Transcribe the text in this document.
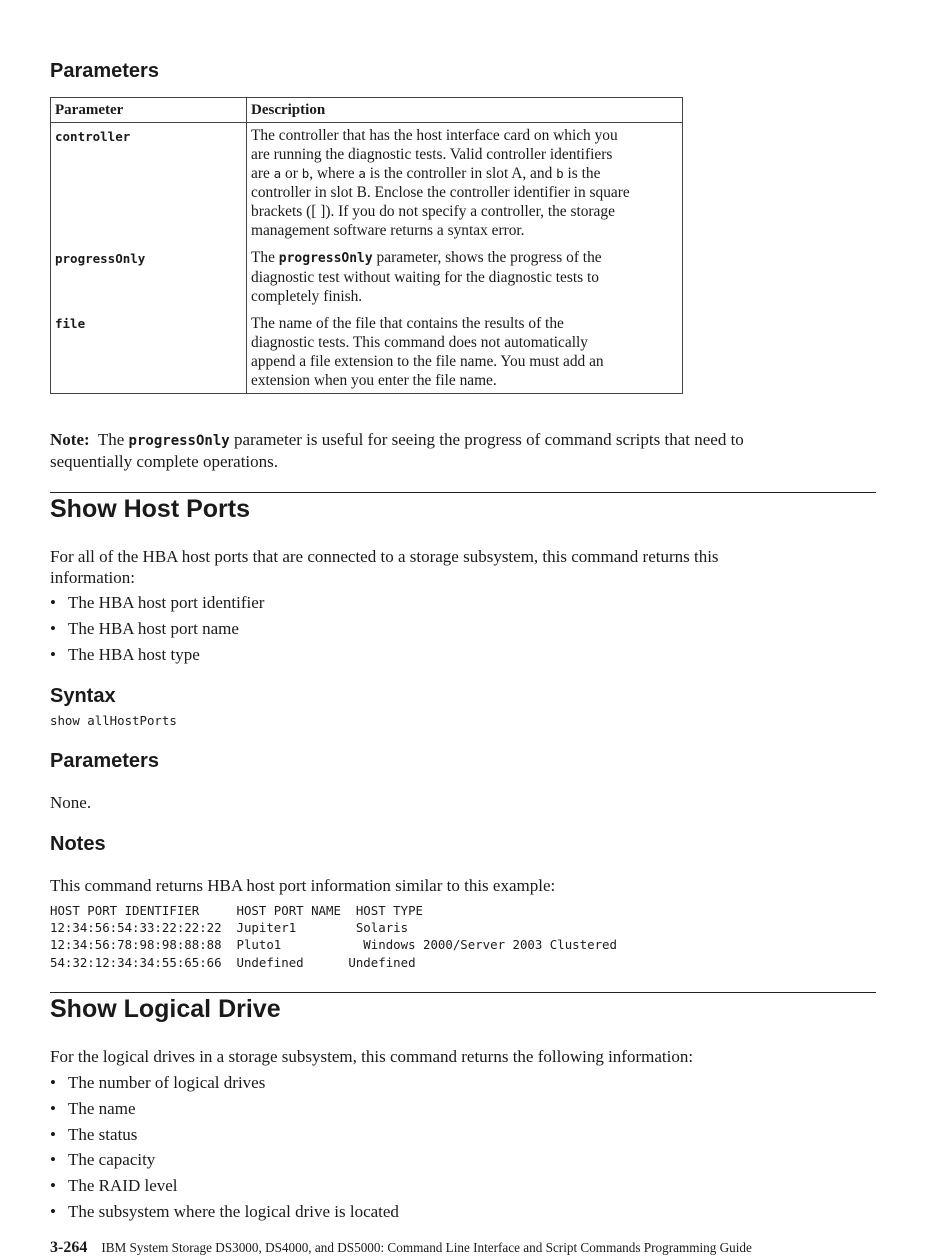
Parameters
Parameter	Description
controller	The controller that has the host interface card on which you
are running the diagnostic tests. Valid controller identifiers
are a or b, where a is the controller in slot A, and b is the
controller in slot B. Enclose the controller identifier in square
brackets ([ ]). If you do not specify a controller, the storage
management software returns a syntax error.
progressOnly	The progressOnly parameter, shows the progress of the
diagnostic test without waiting for the diagnostic tests to
completely finish.
file	The name of the file that contains the results of the
diagnostic tests. This command does not automatically
append a file extension to the file name. You must add an
extension when you enter the file name.

Note: The progressOnly parameter is useful for seeing the progress of command scripts that need to
sequentially complete operations.

Show Host Ports

For all of the HBA host ports that are connected to a storage subsystem, this command returns this
information:

• The HBA host port identifier
• The HBA host port name
• The HBA host type
Syntax
show allHostPorts
Parameters

None.

Notes

This command returns HBA host port information similar to this example:

HOST PORT IDENTIFIER     HOST PORT NAME  HOST TYPE
12:34:56:54:33:22:22:22  Jupiter1        Solaris
12:34:56:78:98:98:88:88  Pluto1           Windows 2000/Server 2003 Clustered
54:32:12:34:34:55:65:66  Undefined      Undefined
Show Logical Drive

For the logical drives in a storage subsystem, this command returns the following information:

• The number of logical drives
• The name
• The status
• The capacity
• The RAID level
• The subsystem where the logical drive is located
3-264 IBM System Storage DS3000, DS4000, and DS5000: Command Line Interface and Script Commands Programming Guide
